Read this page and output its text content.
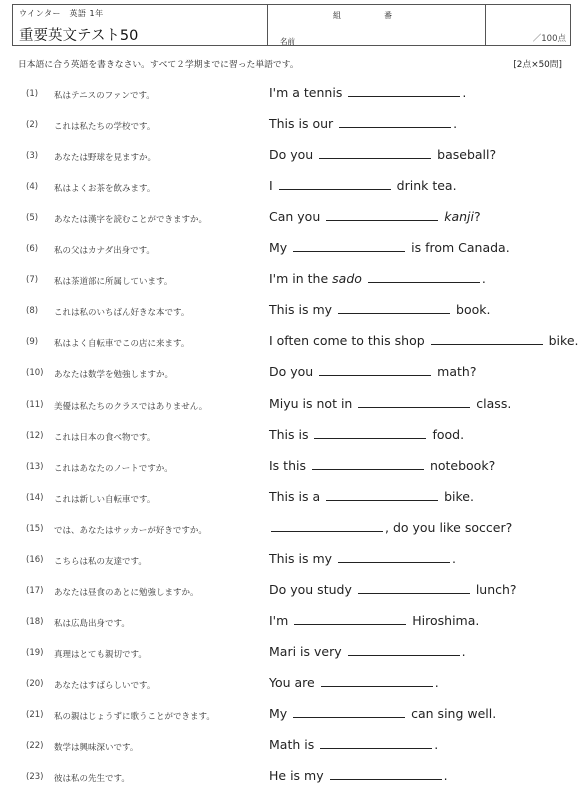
ウインター　英語 1年
重要英文テスト50
組	番
名前	／100点
日本語に合う英語を書きなさい。すべて２学期までに習った単語です。	[2点×50問]
(1) 私はテニスのファンです。	I'm a tennis	.
(2) これは私たちの学校です。	This is our	.
(3) あなたは野球を見ますか。	Do you	baseball?
(4) 私はよくお茶を飲みます。	I	drink tea.
(5) あなたは漢字を読むことができますか。	Can you	kanji?
(6) 私の父はカナダ出身です。	My	is from Canada.
(7) 私は茶道部に所属しています。	I'm in the sado	.
(8) これは私のいちばん好きな本です。	This is my	book.
(9) 私はよく自転車でこの店に来ます。	I often come to this shop	bike.
(10) あなたは数学を勉強しますか。	Do you	math?
(11) 美優は私たちのクラスではありません。	Miyu is not in	class.
(12) これは日本の食べ物です。	This is	food.
(13) これはあなたのノートですか。	Is this	notebook?
(14) これは新しい自転車です。	This is a	bike.
(15) では、あなたはサッカーが好きですか。	, do you like soccer?
(16) こちらは私の友達です。	This is my	.
(17) あなたは昼食のあとに勉強しますか。	Do you study	lunch?
(18) 私は広島出身です。	I'm	Hiroshima.
(19) 真理はとても親切です。	Mari is very	.
(20) あなたはすばらしいです。	You are	.
(21) 私の親はじょうずに歌うことができます。	My	can sing well.
(22) 数学は興味深いです。	Math is	.
(23) 彼は私の先生です。	He is my	.
